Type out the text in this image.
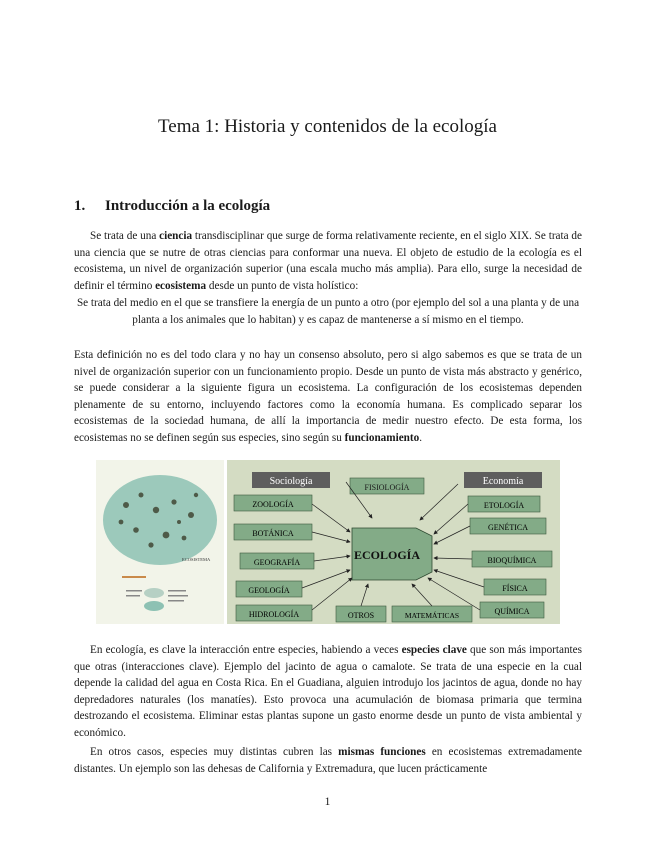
Tema 1: Historia y contenidos de la ecología
1. Introducción a la ecología

Se trata de una ciencia transdisciplinar que surge de forma relativamente reciente, en el siglo XIX. Se trata de una ciencia que se nutre de otras ciencias para conformar una nueva. El objeto de estudio de la ecología es el ecosistema, un nivel de organización superior (una escala mucho más amplia). Para ello, surge la necesidad de definir el término ecosistema desde un punto de vista holístico:

Se trata del medio en el que se transfiere la energía de un punto a otro (por ejemplo del sol a una planta y de una planta a los animales que lo habitan) y es capaz de mantenerse a sí mismo en el tiempo.

Esta definición no es del todo clara y no hay un consenso absoluto, pero si algo sabemos es que se trata de un nivel de organización superior con un funcionamiento propio. Desde un punto de vista más abstracto y genérico, se puede considerar a la siguiente figura un ecosistema. La configuración de los ecosistemas dependen plenamente de su entorno, incluyendo factores como la economía humana. Es complicado separar los ecosistemas de la sociedad humana, de allí la importancia de medir nuestro efecto. De esta forma, los ecosistemas no se definen según sus especies, sino según su funcionamiento.

ECOSISTEMA
Sociología	Economía
FISIOLOGÍA
ZOOLOGÍA
BOTÁNICA
GEOGRAFÍA
GEOLOGÍA
HIDROLOGÍA
ETOLOGÍA
GENÉTICA
BIOQUÍMICA
FÍSICA
QUÍMICA
OTROS	MATEMÁTICAS
ECOLOGÍA

En ecología, es clave la interacción entre especies, habiendo a veces especies clave que son más importantes que otras (interacciones clave). Ejemplo del jacinto de agua o camalote. Se trata de una especie en la cual depende la calidad del agua en Costa Rica. En el Guadiana, alguien introdujo los jacintos de agua, donde no hay depredadores naturales (los manatíes). Esto provoca una acumulación de biomasa primaria que termina destrozando el ecosistema. Eliminar estas plantas supone un gasto enorme desde un punto de vista ambiental y económico.

En otros casos, especies muy distintas cubren las mismas funciones en ecosistemas extremadamente distantes. Un ejemplo son las dehesas de California y Extremadura, que lucen prácticamente

1
